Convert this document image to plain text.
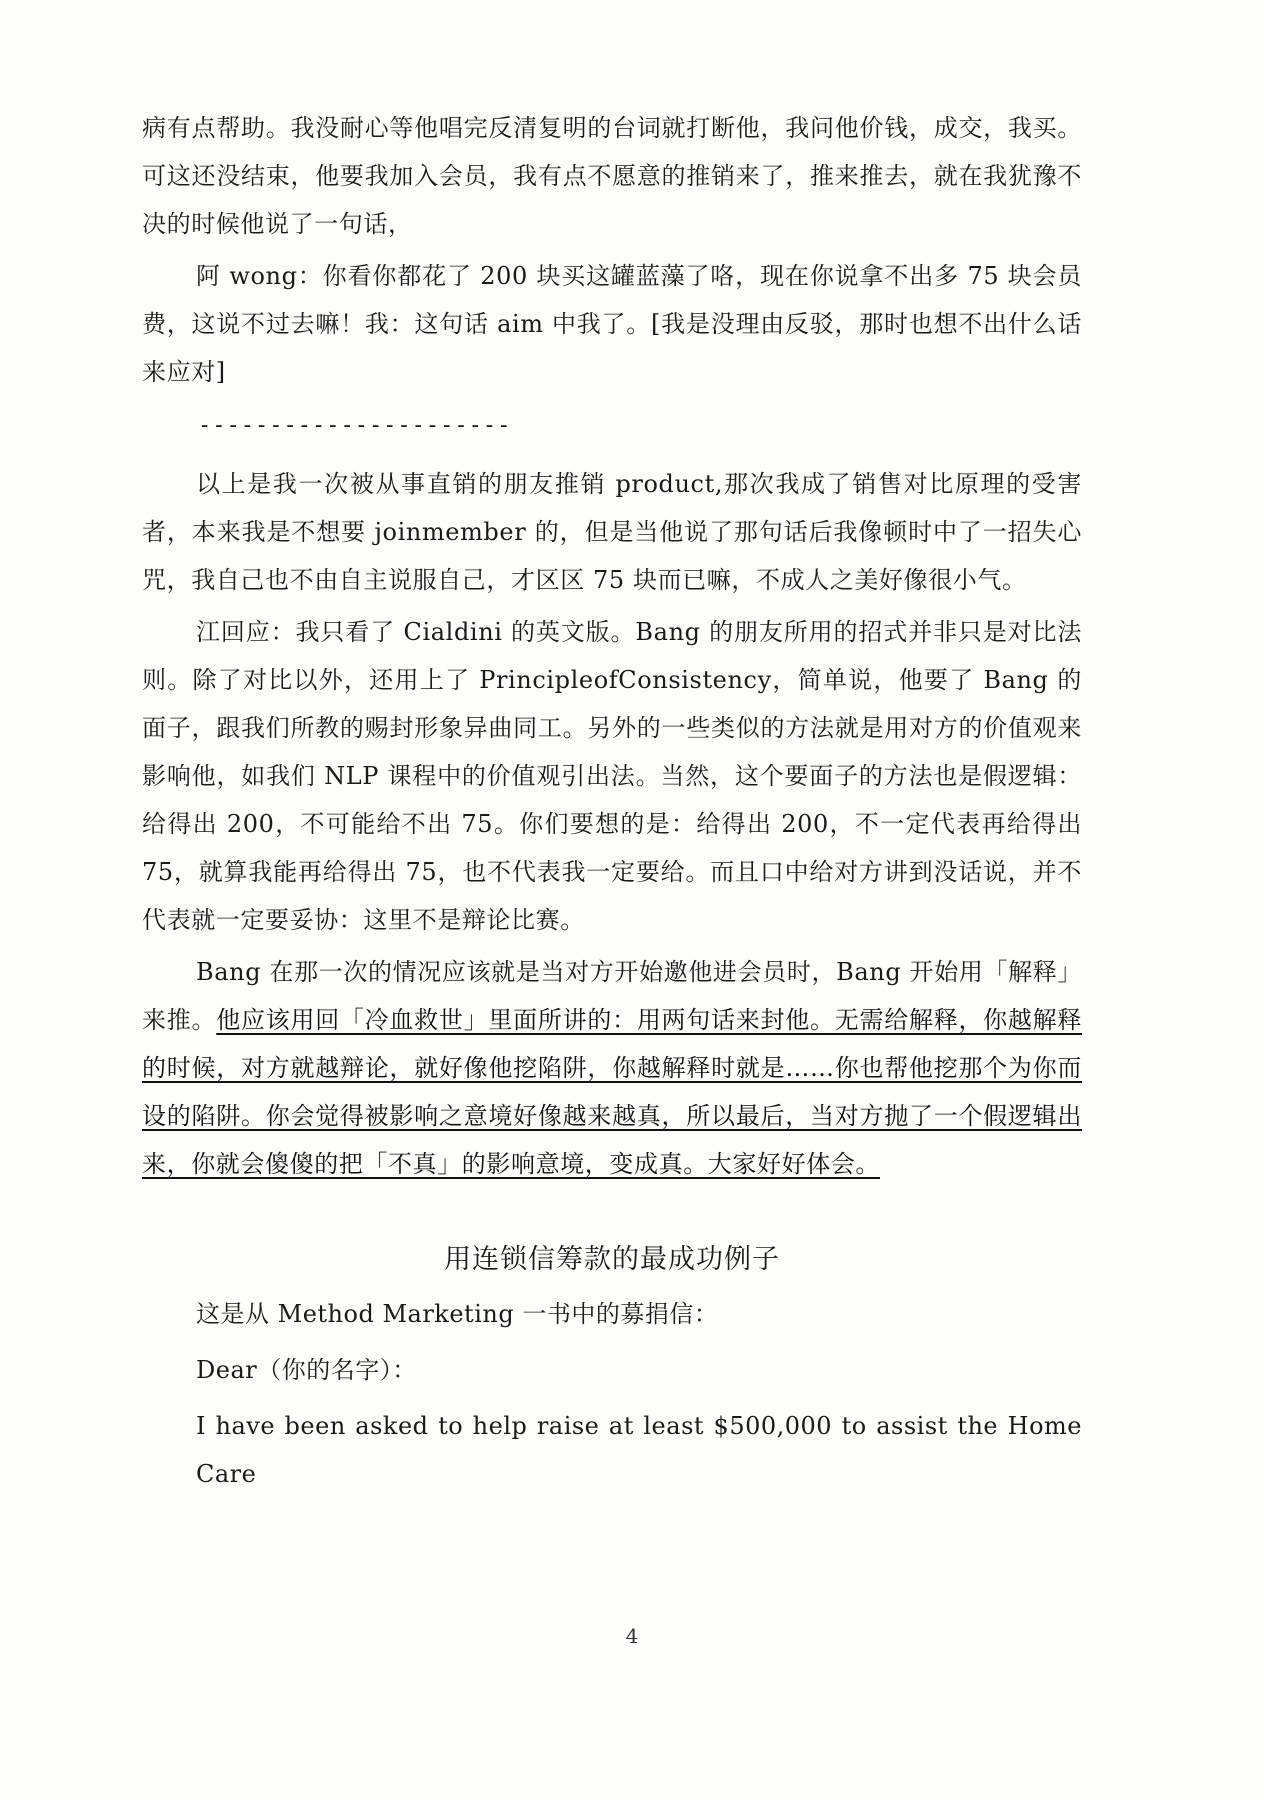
病有点帮助。我没耐心等他唱完反清复明的台词就打断他，我问他价钱，成交，我买。可这还没结束，他要我加入会员，我有点不愿意的推销来了，推来推去，就在我犹豫不决的时候他说了一句话，

阿 wong：你看你都花了 200 块买这罐蓝藻了咯，现在你说拿不出多 75 块会员费，这说不过去嘛！我：这句话 aim 中我了。[我是没理由反驳，那时也想不出什么话来应对]

----------------------

以上是我一次被从事直销的朋友推销 product,那次我成了销售对比原理的受害者，本来我是不想要 joinmember 的，但是当他说了那句话后我像顿时中了一招失心咒，我自己也不由自主说服自己，才区区 75 块而已嘛，不成人之美好像很小气。

江回应：我只看了 Cialdini 的英文版。Bang 的朋友所用的招式并非只是对比法则。除了对比以外，还用上了 PrincipleofConsistency，简单说，他要了 Bang 的面子，跟我们所教的赐封形象异曲同工。另外的一些类似的方法就是用对方的价值观来影响他，如我们 NLP 课程中的价值观引出法。当然，这个要面子的方法也是假逻辑：给得出 200，不可能给不出 75。你们要想的是：给得出 200，不一定代表再给得出 75，就算我能再给得出 75，也不代表我一定要给。而且口中给对方讲到没话说，并不代表就一定要妥协：这里不是辩论比赛。

Bang 在那一次的情况应该就是当对方开始邀他进会员时，Bang 开始用「解释」来推。他应该用回「冷血救世」里面所讲的：用两句话来封他。无需给解释，你越解释的时候，对方就越辩论，就好像他挖陷阱，你越解释时就是……你也帮他挖那个为你而设的陷阱。你会觉得被影响之意境好像越来越真，所以最后，当对方抛了一个假逻辑出来，你就会傻傻的把「不真」的影响意境，变成真。大家好好体会。

用连锁信筹款的最成功例子
这是从 Method Marketing 一书中的募捐信：
Dear（你的名字）：
I have been asked to help raise at least $500,000 to assist the Home Care
4
